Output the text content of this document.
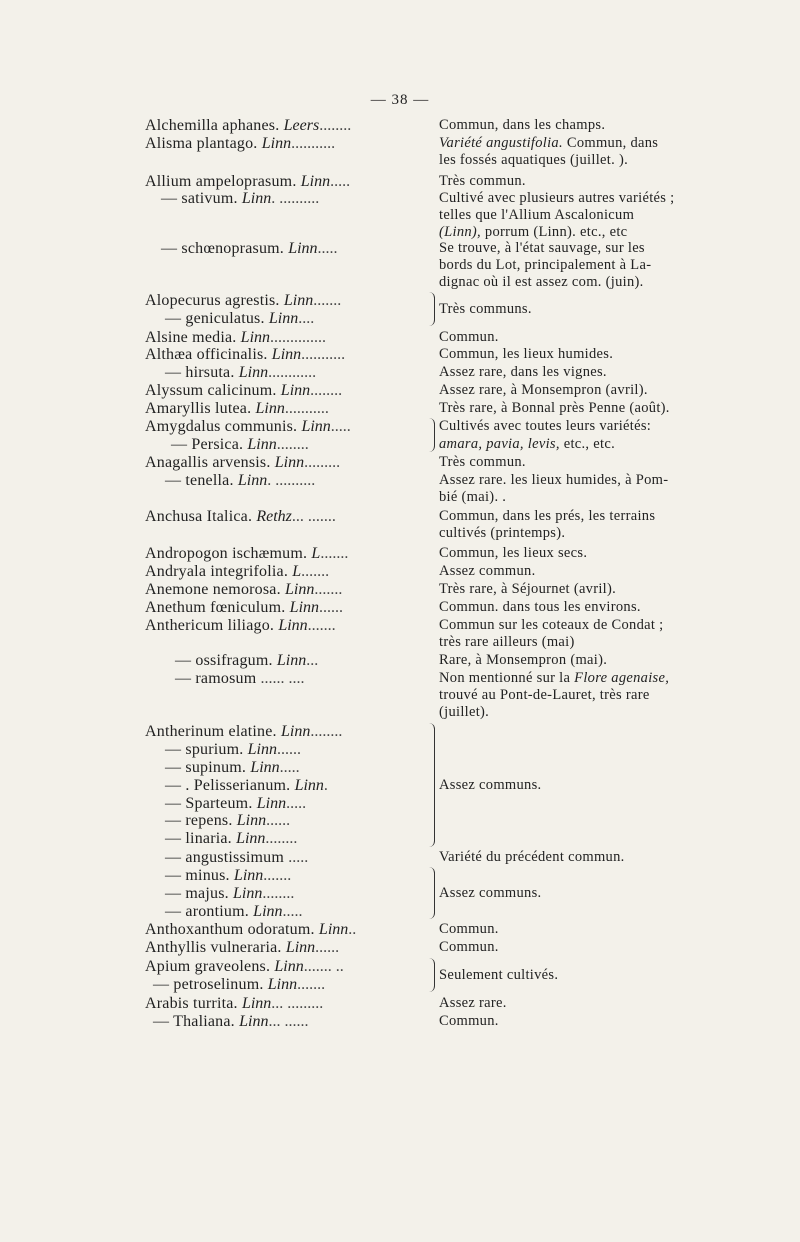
— 38 —
Alchemilla aphanes. Leers........
Alisma plantago. Linn...........
Allium ampeloprasum. Linn.....
— sativum. Linn. ..........
— schœnoprasum. Linn.....
Alopecurus agrestis. Linn.......
— geniculatus. Linn....
Alsine media. Linn..............
Althæa officinalis. Linn...........
— hirsuta. Linn............
Alyssum calicinum. Linn........
Amaryllis lutea. Linn...........
Amygdalus communis. Linn.....
— Persica. Linn........
Anagallis arvensis. Linn.........
— tenella. Linn. ..........
Anchusa Italica. Rethz... .......
Andropogon ischæmum. L.......
Andryala integrifolia. L.......
Anemone nemorosa. Linn.......
Anethum fœniculum. Linn......
Anthericum liliago. Linn.......
— ossifragum. Linn...
— ramosum ...... ....
Antherinum elatine. Linn........
— spurium. Linn......
— supinum. Linn.....
— . Pelisserianum. Linn.
— Sparteum. Linn.....
— repens. Linn......
— linaria. Linn........
— angustissimum .....
— minus. Linn.......
— majus. Linn........
— arontium. Linn.....
Anthoxanthum odoratum. Linn..
Anthyllis vulneraria. Linn......
Apium graveolens. Linn....... ..
— petroselinum. Linn.......
Arabis turrita. Linn... .........
— Thaliana. Linn... ......
Commun, dans les champs.
Variété angustifolia. Commun, dans
les fossés aquatiques (juillet. ).
Très commun.
Cultivé avec plusieurs autres variétés ;
telles que l'Allium Ascalonicum
(Linn), porrum (Linn). etc., etc
Se trouve, à l'état sauvage, sur les
bords du Lot, principalement à La-
dignac où il est assez com. (juin).
Très communs.
Commun.
Commun, les lieux humides.
Assez rare, dans les vignes.
Assez rare, à Monsempron (avril).
Très rare, à Bonnal près Penne (août).
Cultivés avec toutes leurs variétés:
amara, pavia, levis, etc., etc.
Très commun.
Assez rare. les lieux humides, à Pom-
bié (mai). .
Commun, dans les prés, les terrains
cultivés (printemps).
Commun, les lieux secs.
Assez commun.
Très rare, à Séjournet (avril).
Commun. dans tous les environs.
Commun sur les coteaux de Condat ;
très rare ailleurs (mai)
Rare, à Monsempron (mai).
Non mentionné sur la Flore agenaise,
trouvé au Pont-de-Lauret, très rare
(juillet).
Assez communs.
Variété du précédent commun.
Assez communs.
Commun.
Commun.
Seulement cultivés.
Assez rare.
Commun.
